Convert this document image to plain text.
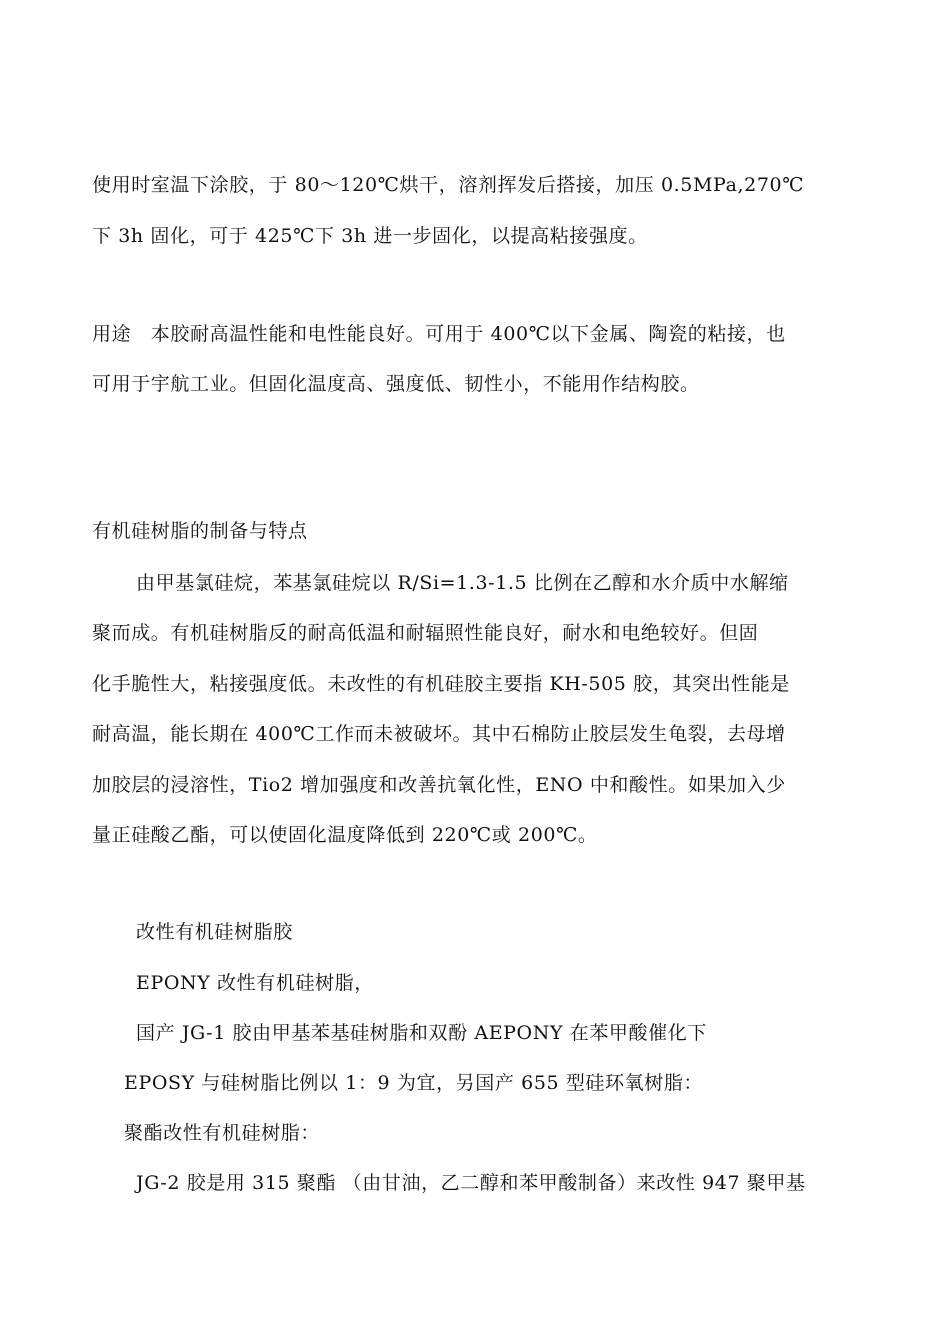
使用时室温下涂胶，于 80～120℃烘干，溶剂挥发后搭接，加压 0.5MPa,270℃
下 3h 固化，可于 425℃下 3h 进一步固化，以提高粘接强度。
用途　本胶耐高温性能和电性能良好。可用于 400℃以下金属、陶瓷的粘接，也
可用于宇航工业。但固化温度高、强度低、韧性小，不能用作结构胶。
有机硅树脂的制备与特点
由甲基氯硅烷，苯基氯硅烷以 R/Si=1.3-1.5 比例在乙醇和水介质中水解缩
聚而成。有机硅树脂反的耐高低温和耐辐照性能良好，耐水和电绝较好。但固
化手脆性大，粘接强度低。未改性的有机硅胶主要指 KH-505 胶，其突出性能是
耐高温，能长期在 400℃工作而未被破坏。其中石棉防止胶层发生龟裂，去母增
加胶层的浸溶性，Tio2 增加强度和改善抗氧化性，ENO 中和酸性。如果加入少
量正硅酸乙酯，可以使固化温度降低到 220℃或 200℃。
改性有机硅树脂胶
EPONY 改性有机硅树脂，
国产 JG-1 胶由甲基苯基硅树脂和双酚 AEPONY 在苯甲酸催化下
EPOSY 与硅树脂比例以 1：9 为宜，另国产 655 型硅环氧树脂：
聚酯改性有机硅树脂：
JG-2 胶是用 315 聚酯 （由甘油，乙二醇和苯甲酸制备）来改性 947 聚甲基
